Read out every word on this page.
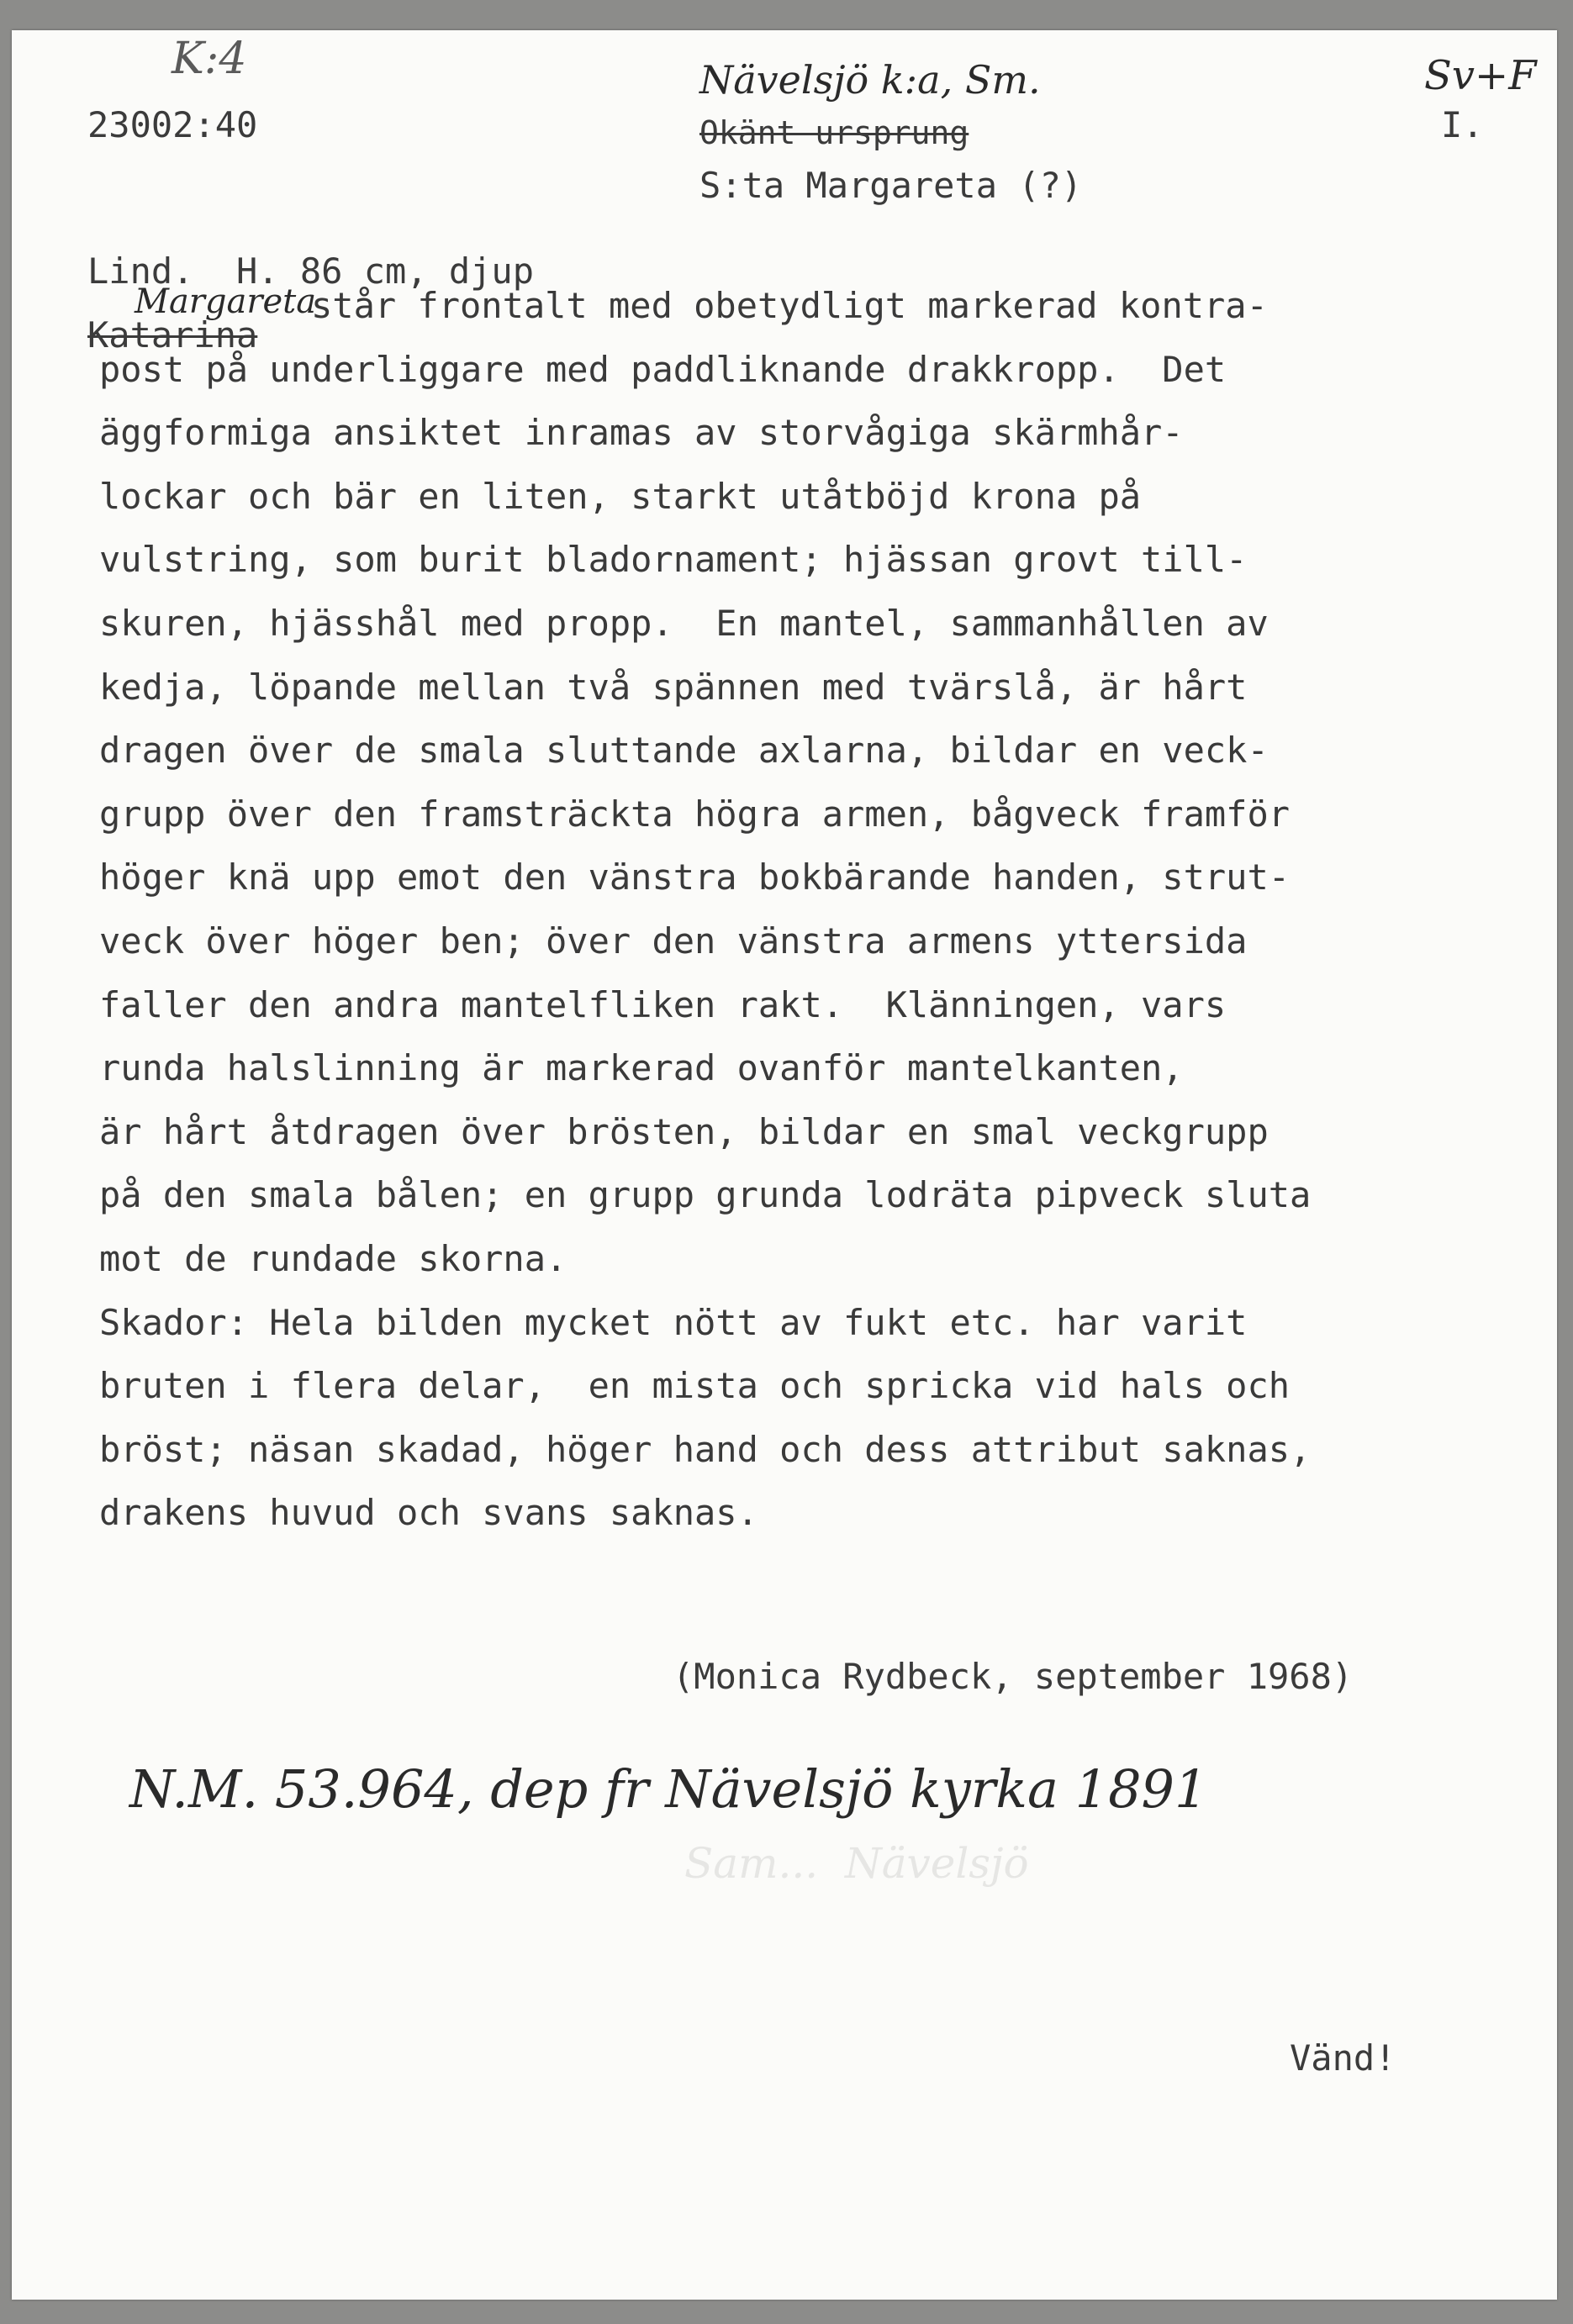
K:4
23002:40
Nävelsjö k:a, Sm.
Okänt ursprung
S:ta Margareta (?)
Sv+F
I.
Lind.  H. 86 cm, djup
Margareta
Katarina
står frontalt med obetydligt markerad kontra-
post på underliggare med paddliknande drakkropp.  Det
äggformiga ansiktet inramas av storvågiga skärmhår-
lockar och bär en liten, starkt utåtböjd krona på
vulstring, som burit bladornament; hjässan grovt till-
skuren, hjässhål med propp.  En mantel, sammanhållen av
kedja, löpande mellan två spännen med tvärslå, är hårt
dragen över de smala sluttande axlarna, bildar en veck-
grupp över den framsträckta högra armen, bågveck framför
höger knä upp emot den vänstra bokbärande handen, strut-
veck över höger ben; över den vänstra armens yttersida
faller den andra mantelfliken rakt.  Klänningen, vars
runda halslinning är markerad ovanför mantelkanten,
är hårt åtdragen över brösten, bildar en smal veckgrupp
på den smala bålen; en grupp grunda lodräta pipveck sluta
mot de rundade skorna.
Skador: Hela bilden mycket nött av fukt etc. har varit
bruten i flera delar,  en mista och spricka vid hals och
bröst; näsan skadad, höger hand och dess attribut saknas,
drakens huvud och svans saknas.
(Monica Rydbeck, september 1968)
N.M. 53.964, dep fr Nävelsjö kyrka 1891
Sam...  Nävelsjö
Vänd!
